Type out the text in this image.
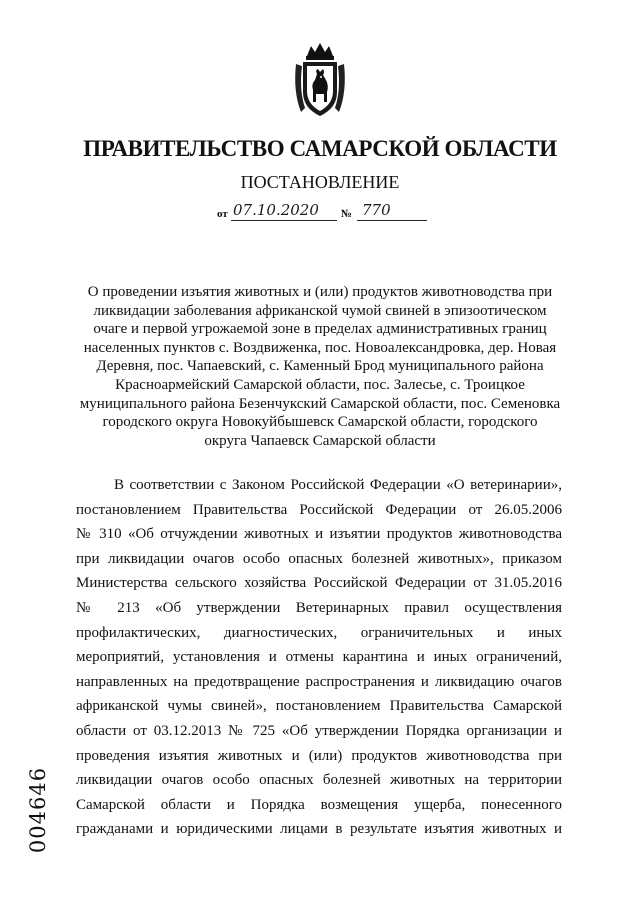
ПРАВИТЕЛЬСТВО САМАРСКОЙ ОБЛАСТИ
ПОСТАНОВЛЕНИЕ
от 07.10.2020 № 770
О проведении изъятия животных и (или) продуктов животноводства при
ликвидации заболевания африканской чумой свиней в эпизоотическом
очаге и первой угрожаемой зоне в пределах административных границ
населенных пунктов с. Воздвиженка, пос. Новоалександровка, дер. Новая
Деревня, пос. Чапаевский, с. Каменный Брод муниципального района
Красноармейский Самарской области, пос. Залесье, с. Троицкое
муниципального района Безенчукский Самарской области, пос. Семеновка
городского округа Новокуйбышевск Самарской области, городского
округа Чапаевск Самарской области
В соответствии с Законом Российской Федерации «О ветеринарии»,
постановлением Правительства Российской Федерации от 26.05.2006
№ 310 «Об отчуждении животных и изъятии продуктов животноводства
при ликвидации очагов особо опасных болезней животных», приказом
Министерства сельского хозяйства Российской Федерации от 31.05.2016
№ 213 «Об утверждении Ветеринарных правил осуществления
профилактических, диагностических, ограничительных и иных
мероприятий, установления и отмены карантина и иных ограничений,
направленных на предотвращение распространения и ликвидацию очагов
африканской чумы свиней», постановлением Правительства Самарской
области от 03.12.2013 № 725 «Об утверждении Порядка организации и
проведения изъятия животных и (или) продуктов животноводства при
ликвидации очагов особо опасных болезней животных на территории
Самарской области и Порядка возмещения ущерба, понесенного
гражданами и юридическими лицами в результате изъятия животных и
004646
